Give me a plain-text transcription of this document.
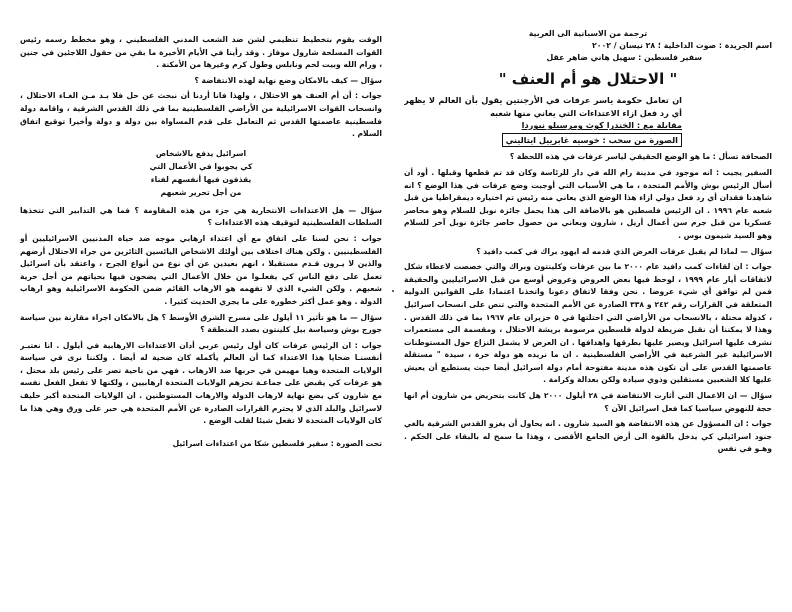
ترجمة من الاسبانية الى العربية
اسم الجريدة : صوت الداخلية ؛ ٢٨ نيسان / ٢٠٠٢
سفير فلسطين : سهيل هاني ضاهر عقل
" الاحتلال هو أم العنف "
ان تعامل حكومة ياسر عرفات في الأرجنتين يقول بأن العالم لا يظهر أي رد فعل ازاء الاعتداءات التي يعاني منها شعبه
مقابلة مع : الخندرا كوث ومرسيلو نيوردا
الصورة من سحب : خوسيه غابرييل ايتاليني
الصحافة تسأل : ما هو الوضع الحقيقي لياسر عرفات في هذه اللحظة ؟
السفير يجيب : انه موجود في مدينة رام الله في دار للرئاسة وكان قد تم قطعها وقبلها . أود أن أسأل الرئيس بوش والأمم المتحدة ، ما هي الأسباب التي أوجبت وضع عرفات في هذا الوضع ؟ انه شاهدنا فقدان أي رد فعل دولي ازاء هذا الوضع الذي يعاني منه رئيس تم اختياره ديمقراطيا من قبل شعبه عام ١٩٩٦ . ان الرئيس فلسطين هو بالاضافة الى هذا يحمل جائزة نوبل للسلام وهو محاصر عسكريا من قبل جرم سن أعمال أريل ، شارون وبعاني من حصول حاصر جائزة نوبل آخر للسلام وهو السيد شيمون بوس .
سؤال — لماذا لم يقبل عرفات العرض الذي قدمه له ايهود براك في كمب دافيد ؟
جواب : ان لقاءات كمب دافيد عام ٢٠٠٠ ما بين عرفات وكلينتون وبراك والتي خصصت لاعطاء شكل لاتفاقات أيار عام ١٩٩٩ ، لوحظ فيها بعض العروض وعروض أوسع من قبل الاسرائيليين والحقيقة فمن لم توافق أي شيء عروضا . نحن وفقا لاتفاق دعونا واتخذنا اعتمادا على القوانين الدولية المتعلقة في القرارات رقم ٢٤٢ و ٣٣٨ الصادرة عن الأمم المتحدة والتي تنص على انسحاب اسرائيل ، كدولة محتلة ، بالانسحاب من الأراضي التي احتلتها في ٥ حزيران عام ١٩٦٧ بما في ذلك القدس . وهذا لا يمكننا أن نقبل ضريطة لدولة فلسطين مرسومة بريشة الاحتلال ، ومقسمة الى مستعمرات تشرف عليها اسرائيل ويصير عليها بطرقها واهدافها . ان العرض لا يشمل النزاع حول المستوطنات الاسرائيلية غير الشرعية في الأراضي الفلسطينية . ان ما نريده هو دولة حرة ، سيدة " مستقلة عاصمتها القدس على أن تكون هذه مدينة مفتوحة أمام دولة اسرائيل أيضا حيث يستطيع أن يعيش عليها كلا الشعبين مستقلين وذوي سيادة ولكن بعدالة وكرامة .
سؤال — ان الاعمال التي أثارت الانتفاضة في ٢٨ أيلول ٢٠٠٠ هل كانت بتحريض من شارون أم انها حجة للنهوض سياسيا كما فعل اسرائيل الآن ؟
جواب : ان المسؤول عن هذه الانتفاضة هو السيد شارون . انه يحاول أن يغزو القدس الشرقية بالغي جنود اسرائيلي كي يدخل بالقوة الى أرض الجامع الأقصى ، وهذا ما سمح له بالبقاء على الحكم . وهـو في نفس
الوقت يقوم بتخطيط تنظيمي لشن ضد الشعب المدني الفلسطيني ، وهو مخطط رسمه رئيس القوات المسلحة شارول موفاز . وقد رأينا في الأيام الأخيرة ما بقي من حقول اللاجئين في جنين ، ورام الله وبيت لحم ونابلس وطول كرم وغيرها من الأمكنة .
سؤال — كيف بالامكان وضع نهاية لهذه الانتفاضة ؟
جواب : أن أم العنف هو الاحتلال ، ولهذا فانا أردنا أن نبحث عن حل فلا بـد مـن الغـاء الاحتلال ، وانسحاب القوات الاسرائيلية من الأراضي الفلسطينية بما في ذلك القدس الشرقية ، واقامة دولة فلسطينية عاصمتها القدس ثم التعامل على قدم المساواة بين دولة و دولة وأخيرا توقيع اتفاق السلام .
اسرائيل يدفع بالاشخاص
كي يجوبوا في الأعمال التي
يقذفون فيها أنفسهم لفناء
من أجل تحرير شعبهم
سؤال — هل الاعتداءات الانتحارية هي جزء من هذه المقاومة ؟ فما هي التدابير التي تتخذها السلطات الفلسطينية لتوقيف هذه الاعتداءات ؟
جواب : نحن لسنا على اتفاق مع أي اعتداء ارهابي موجه ضد حياة المدنيين الاسرائيليين أو الفلسطينيين . ولكن هناك اختلاف بين أولئك الاشخاص اليائسين الثائرين من جراء الاحتلال أرضهم والذين لا يـرون قـدم مستقبلا ، انهم بعيدين عن أي نوع من أنواع الجرح ، واعتقد بأن اسرائيل تعمل على دفع الناس كي يفعلـوا من خلال الأعمال التي يضحون فيها بحياتهم من أجل حرية شعبهم . ولكن الشيء الذي لا تفهمه هو الارهاب القائم ضمن الحكومة الاسرائيلية وهو ارهاب الدولة . وهو عمل أكثر خطورة على ما يجري الحديث كثيرا .
سؤال — ما هو تأثير ١١ أيلول على مسرح الشرق الأوسط ؟ هل بالامكان اجراء مقارنة بين سياسة جورج بوش وسياسة بيل كلينتون بصدد المنطقة ؟
جواب : ان الرئيس عرفات كان أول رئيس عربي أدان الاعتداءات الارهابية في أيلول . انا نعتبـر أنفسنـا ضحايا هذا الاعتداء كما أن العالم يأكمله كان ضحية له أيضا . ولكننا نرى في سياسة الولايات المتحدة وهيا مهيمن في حربها ضد الارهاب . فهي من ناحية تصر على رئيس بلد محتل ، هو عرفات كي يقبض على جماعـة تحزهم الولايات المتحدة ارهابيين ، ولكنها لا تفعل الفعل نفسه مع شارون كي يضع نهاية لارهاب الدولة والارهاب المستوطنين . ان الولايات المتحدة أكبر حليف لاسرائيل والبلد الذي لا يحترم القرارات الصادرة عن الأمم المتحدة هي حبر على ورق وهي هذا ما كان الولايات المتحدة لا تفعل شيئا لقلب الوضع .
تحت الصورة : سفير فلسطين شكا من اعتداءات اسرائيل
